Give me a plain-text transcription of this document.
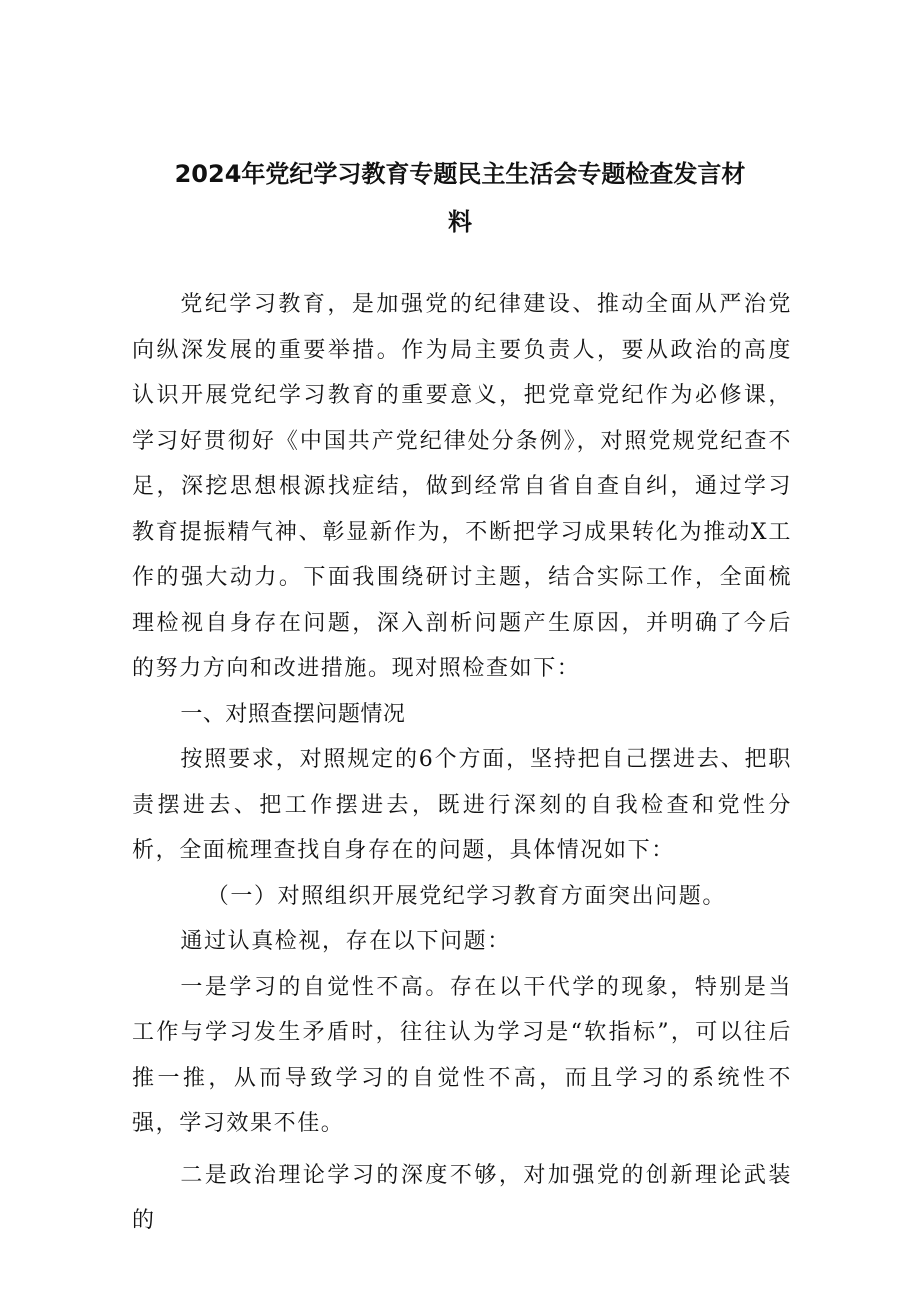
2024年党纪学习教育专题民主生活会专题检查发言材
料

党纪学习教育，是加强党的纪律建设、推动全面从严治党向纵深发展的重要举措。作为局主要负责人，要从政治的高度认识开展党纪学习教育的重要意义，把党章党纪作为必修课，学习好贯彻好《中国共产党纪律处分条例》，对照党规党纪查不足，深挖思想根源找症结，做到经常自省自查自纠，通过学习教育提振精气神、彰显新作为，不断把学习成果转化为推动X工作的强大动力。下面我围绕研讨主题，结合实际工作，全面梳理检视自身存在问题，深入剖析问题产生原因，并明确了今后的努力方向和改进措施。现对照检查如下：

一、对照查摆问题情况

按照要求，对照规定的6个方面，坚持把自己摆进去、把职责摆进去、把工作摆进去，既进行深刻的自我检查和党性分析，全面梳理查找自身存在的问题，具体情况如下：

（一）对照组织开展党纪学习教育方面突出问题。

通过认真检视，存在以下问题：

一是学习的自觉性不高。存在以干代学的现象，特别是当工作与学习发生矛盾时，往往认为学习是“软指标”，可以往后推一推，从而导致学习的自觉性不高，而且学习的系统性不强，学习效果不佳。

二是政治理论学习的深度不够，对加强党的创新理论武装的
